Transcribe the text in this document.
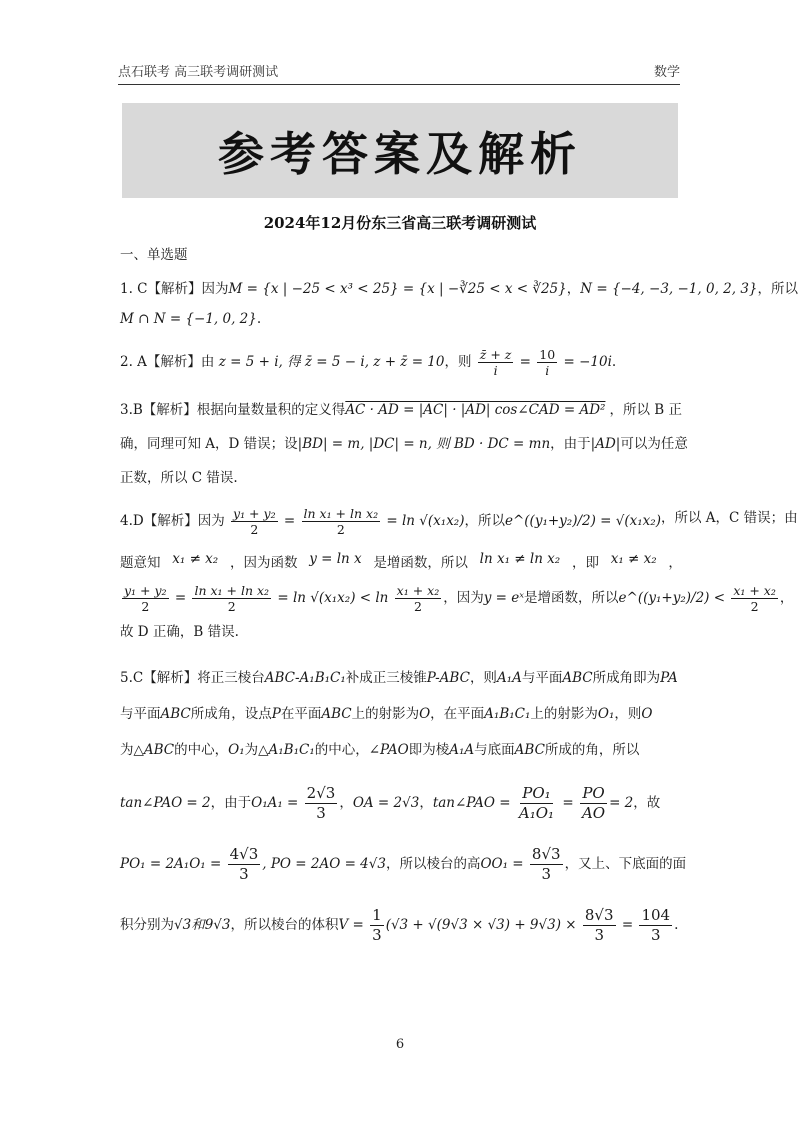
点石联考 高三联考调研测试	数学
参考答案及解析
2024年12月份东三省高三联考调研测试

一、单选题

1. C【解析】因为M = {x | −25 < x³ < 25} = {x | −∛25 < x < ∛25}，N = {−4, −3, −1, 0, 2, 3} ，所以

M ∩ N = {−1, 0, 2}.

2. A【解析】由 z = 5 + i, 得 z̄ = 5 − i, z + z̄ = 10，则 $\frac{z̄ + z}{i} = \frac{10}{i} = -10i$.

3.B【解析】根据向量数量积的定义得AC · AD = |AC| · |AD| cos∠CAD = AD² ，所以 B 正

确，同理可知 A，D 错误；设|BD| = m, |DC| = n, 则 BD · DC = mn，由于|AD| 可以为任意

正数，所以 C 错误.

4.D【解析】因为 $\frac{\text{y₁ + y₂}}{2} = \frac{\text{ln x₁ + ln x₂}}{2} = \ln √(x_1x_2)$，所以e^((y₁+y₂)/2) = √(x₁x₂) ，所以 A，C 错误；由

题意知 x₁ ≠ x₂ ，因为函数 y = ln x 是增函数，所以 ln x₁ ≠ ln x₂ ，即 x₁ ≠ x₂ ，

$\frac{\text{y₁ + y₂}}{2} = \frac{\text{ln x₁ + ln x₂}}{2} = \ln √(x_1x_2) < \ln \frac{\text{x₁ + x₂}}{2}$ ，因为y = eˣ是增函数，所以e^((y₁+y₂)/2) < $\frac{\text{x₁ + x₂}}{2}$ ，

故 D 正确，B 错误.

5.C【解析】将正三棱台ABC-A₁B₁C₁补成正三棱锥P-ABC，则A₁A与平面ABC所成角即为PA

与平面ABC所成角，设点P在平面ABC上的射影为O，在平面A₁B₁C₁上的射影为O₁，则O

为△ABC的中心，O₁为△A₁B₁C₁的中心，∠PAO即为棱A₁A与底面ABC所成的角，所以

tan∠PAO = 2，由于$O_1A_1 = \frac{2√3}{3}$ ，OA = 2√3，tan∠PAO = $\frac{\text{PO₁}}{\text{A₁O₁}} = \frac{PO}{AO} = 2$，故

$PO_1 = 2A_1O_1 = \frac{4√3}{3}$ , PO = 2AO = 4√3，所以棱台的高$OO_1 = \frac{8√3}{3}$ ，又上、下底面的面

积分别为√3和9√3，所以棱台的体积$V = \frac{1}{3} (√3 + √(9√3 \times √3) + 9√3) \times \frac{8√3}{3} = \frac{104}{3}$ .

6
